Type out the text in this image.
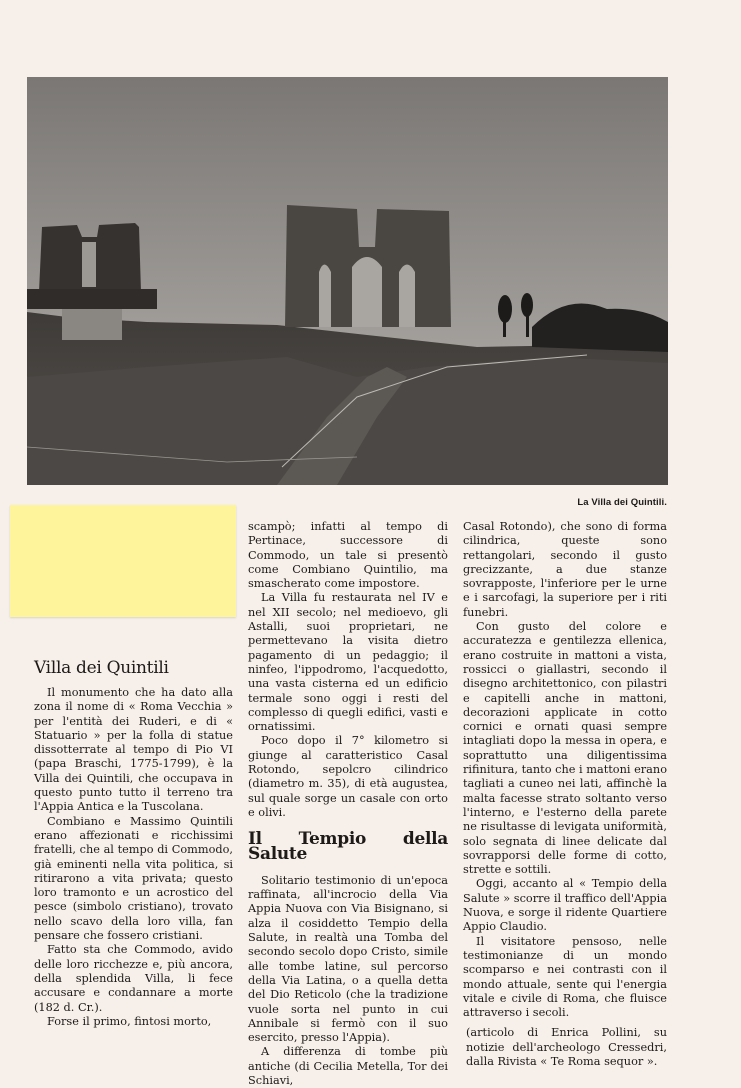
La Villa dei Quintili.
Villa dei Quintili

Il monumento che ha dato alla zona il nome di « Roma Vecchia » per l'entità dei Ruderi, e di « Statuario » per la folla di statue dissotterrate al tempo di Pio VI (papa Braschi, 1775-1799), è la Villa dei Quintili, che occupava in questo punto tutto il terreno tra l'Appia Antica e la Tuscolana.

Combiano e Massimo Quintili erano affezionati e ricchissimi fratelli, che al tempo di Commodo, già eminenti nella vita politica, si ritirarono a vita privata; questo loro tramonto e un acrostico del pesce (simbolo cristiano), trovato nello scavo della loro villa, fan pensare che fossero cristiani.

Fatto sta che Commodo, avido delle loro ricchezze e, più ancora, della splendida Villa, li fece accusare e condannare a morte (182 d. Cr.).

Forse il primo, fintosi morto,

scampò; infatti al tempo di Pertinace, successore di Commodo, un tale si presentò come Combiano Quintilio, ma smascherato come impostore.

La Villa fu restaurata nel IV e nel XII secolo; nel medioevo, gli Astalli, suoi proprietari, ne permettevano la visita dietro pagamento di un pedaggio; il ninfeo, l'ippodromo, l'acquedotto, una vasta cisterna ed un edificio termale sono oggi i resti del complesso di quegli edifici, vasti e ornatissimi.

Poco dopo il 7° kilometro si giunge al caratteristico Casal Rotondo, sepolcro cilindrico (diametro m. 35), di età augustea, sul quale sorge un casale con orto e olivi.

Il Tempio della Salute

Solitario testimonio di un'epoca raffinata, all'incrocio della Via Appia Nuova con Via Bisignano, si alza il cosiddetto Tempio della Salute, in realtà una Tomba del secondo secolo dopo Cristo, simile alle tombe latine, sul percorso della Via Latina, o a quella detta del Dio Reticolo (che la tradizione vuole sorta nel punto in cui Annibale si fermò con il suo esercito, presso l'Appia).

A differenza di tombe più antiche (di Cecilia Metella, Tor dei Schiavi,

Casal Rotondo), che sono di forma cilindrica, queste sono rettangolari, secondo il gusto grecizzante, a due stanze sovrapposte, l'inferiore per le urne e i sarcofagi, la superiore per i riti funebri.

Con gusto del colore e accuratezza e gentilezza ellenica, erano costruite in mattoni a vista, rossicci o giallastri, secondo il disegno architettonico, con pilastri e capitelli anche in mattoni, decorazioni applicate in cotto cornici e ornati quasi sempre intagliati dopo la messa in opera, e soprattutto una diligentissima rifinitura, tanto che i mattoni erano tagliati a cuneo nei lati, affinchè la malta facesse strato soltanto verso l'interno, e l'esterno della parete ne risultasse di levigata uniformità, solo segnata di linee delicate dal sovrapporsi delle forme di cotto, strette e sottili.

Oggi, accanto al « Tempio della Salute » scorre il traffico dell'Appia Nuova, e sorge il ridente Quartiere Appio Claudio.

Il visitatore pensoso, nelle testimonianze di un mondo scomparso e nei contrasti con il mondo attuale, sente qui l'energia vitale e civile di Roma, che fluisce attraverso i secoli.

(articolo di Enrica Pollini, su notizie dell'archeologo Cressedri, dalla Rivista « Te Roma sequor ».
